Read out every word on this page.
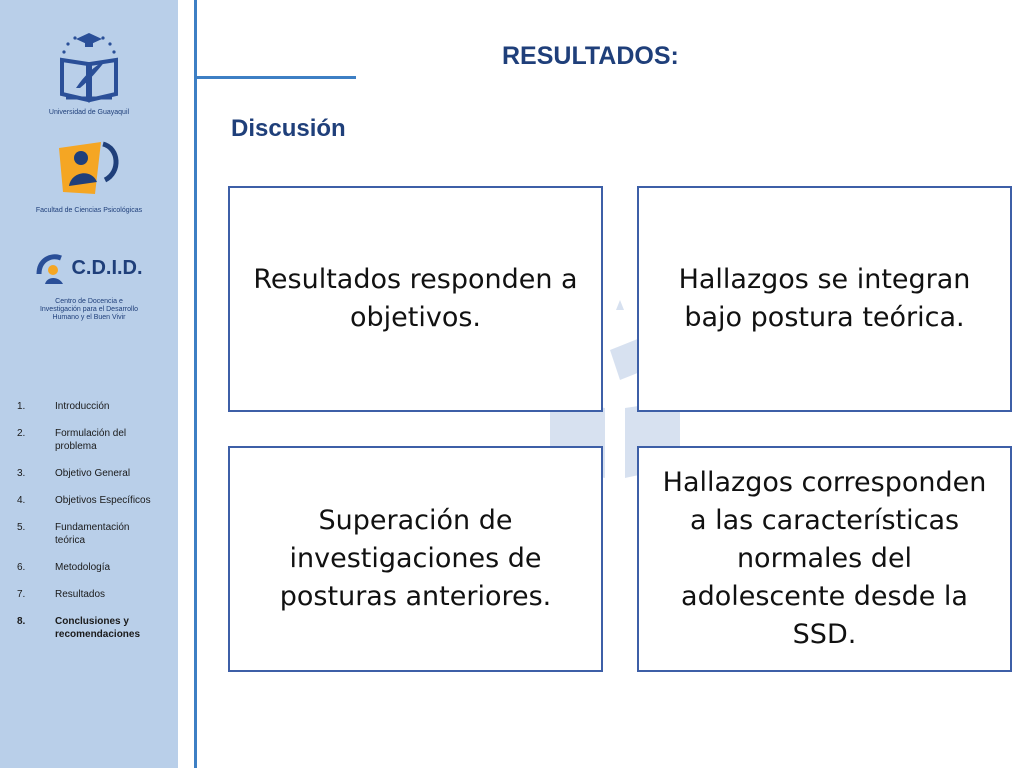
Universidad de Guayaquil
Facultad de Ciencias Psicológicas
C.D.I.D.
Centro de Docencia e
Investigación para el Desarrollo
Humano y el Buen Vivir
1.	Introducción
2.	Formulación del problema
3.	Objetivo General
4.	Objetivos Específicos
5.	Fundamentación teórica
6.	Metodología
7.	Resultados
8.	Conclusiones y recomendaciones
RESULTADOS:
Discusión
Resultados responden a objetivos.
Hallazgos se integran bajo postura teórica.
Superación de investigaciones de posturas anteriores.
Hallazgos corresponden a las características normales del adolescente desde la SSD.
